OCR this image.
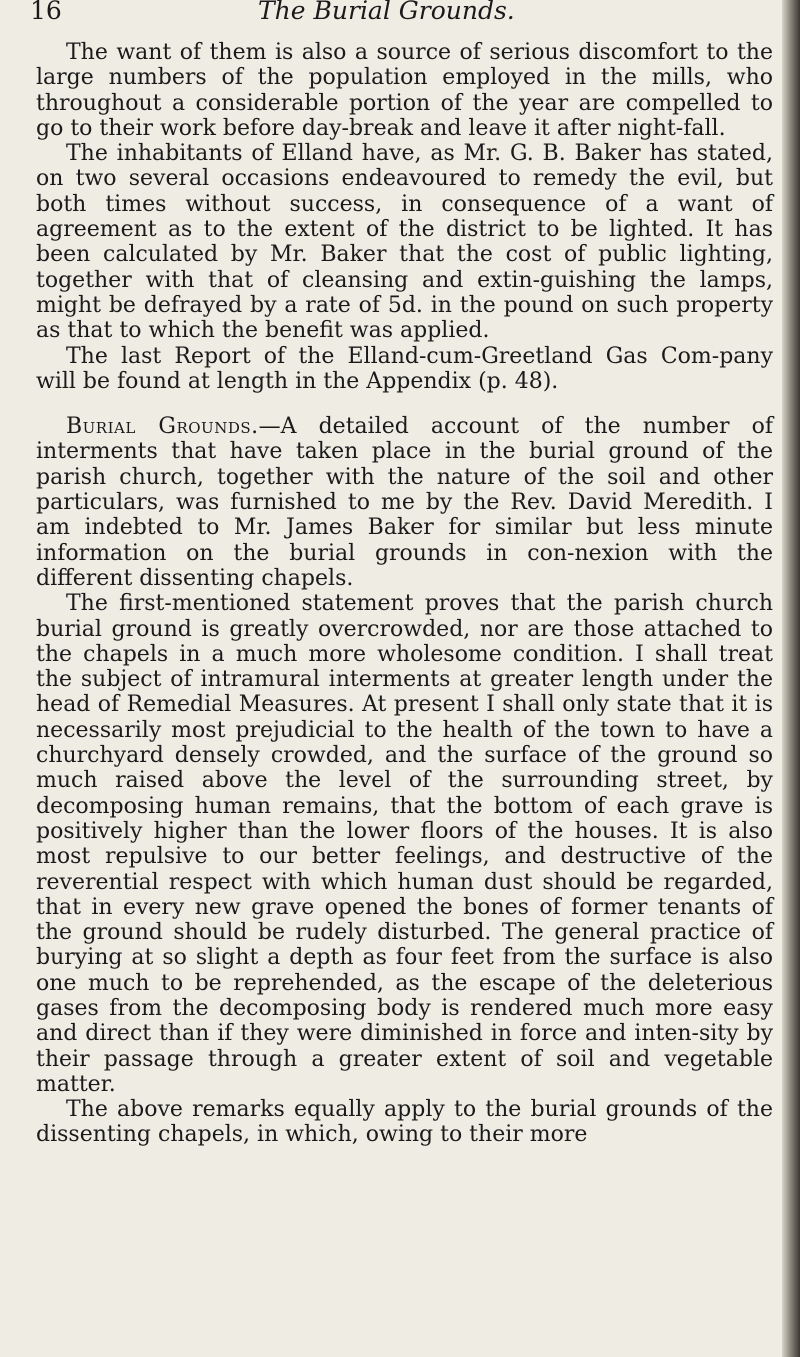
16	The Burial Grounds.

The want of them is also a source of serious discomfort to the large numbers of the population employed in the mills, who throughout a considerable portion of the year are compelled to go to their work before day-break and leave it after night-fall.

The inhabitants of Elland have, as Mr. G. B. Baker has stated, on two several occasions endeavoured to remedy the evil, but both times without success, in consequence of a want of agreement as to the extent of the district to be lighted. It has been calculated by Mr. Baker that the cost of public lighting, together with that of cleansing and extin-guishing the lamps, might be defrayed by a rate of 5d. in the pound on such property as that to which the benefit was applied.

The last Report of the Elland-cum-Greetland Gas Com-pany will be found at length in the Appendix (p. 48).

Burial Grounds.—A detailed account of the number of interments that have taken place in the burial ground of the parish church, together with the nature of the soil and other particulars, was furnished to me by the Rev. David Meredith. I am indebted to Mr. James Baker for similar but less minute information on the burial grounds in con-nexion with the different dissenting chapels.

The first-mentioned statement proves that the parish church burial ground is greatly overcrowded, nor are those attached to the chapels in a much more wholesome condition. I shall treat the subject of intramural interments at greater length under the head of Remedial Measures. At present I shall only state that it is necessarily most prejudicial to the health of the town to have a churchyard densely crowded, and the surface of the ground so much raised above the level of the surrounding street, by decomposing human remains, that the bottom of each grave is positively higher than the lower floors of the houses. It is also most repulsive to our better feelings, and destructive of the reverential respect with which human dust should be regarded, that in every new grave opened the bones of former tenants of the ground should be rudely disturbed. The general practice of burying at so slight a depth as four feet from the surface is also one much to be reprehended, as the escape of the deleterious gases from the decomposing body is rendered much more easy and direct than if they were diminished in force and inten-sity by their passage through a greater extent of soil and vegetable matter.

The above remarks equally apply to the burial grounds of the dissenting chapels, in which, owing to their more
